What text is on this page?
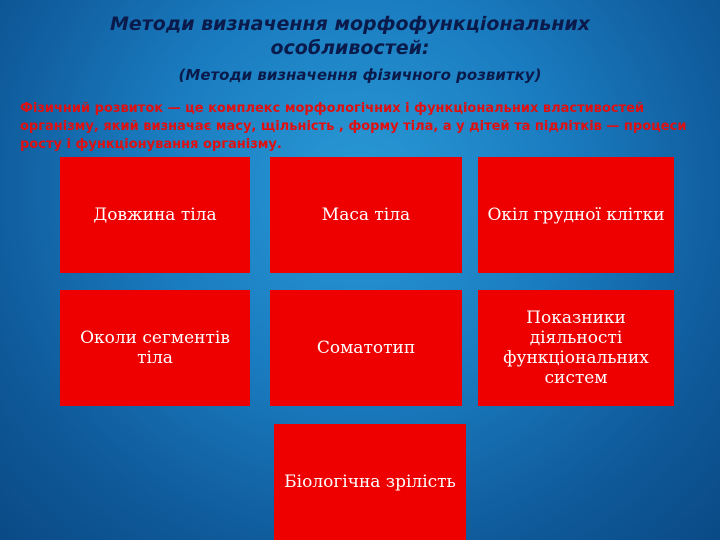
Методи визначення морфофункціональних особливостей:
(Методи визначення фізичного розвитку)

Фізичний розвиток — це комплекс морфологічних і функціональних властивостей організму, який визначає масу, щільність , форму тіла, а у дітей та підлітків — процеси росту і функціонування організму.

Довжина тіла	Маса тіла	Окіл грудної клітки
Околи сегментів тіла	Соматотип
Показники діяльності функціональних систем
Біологічна зрілість
